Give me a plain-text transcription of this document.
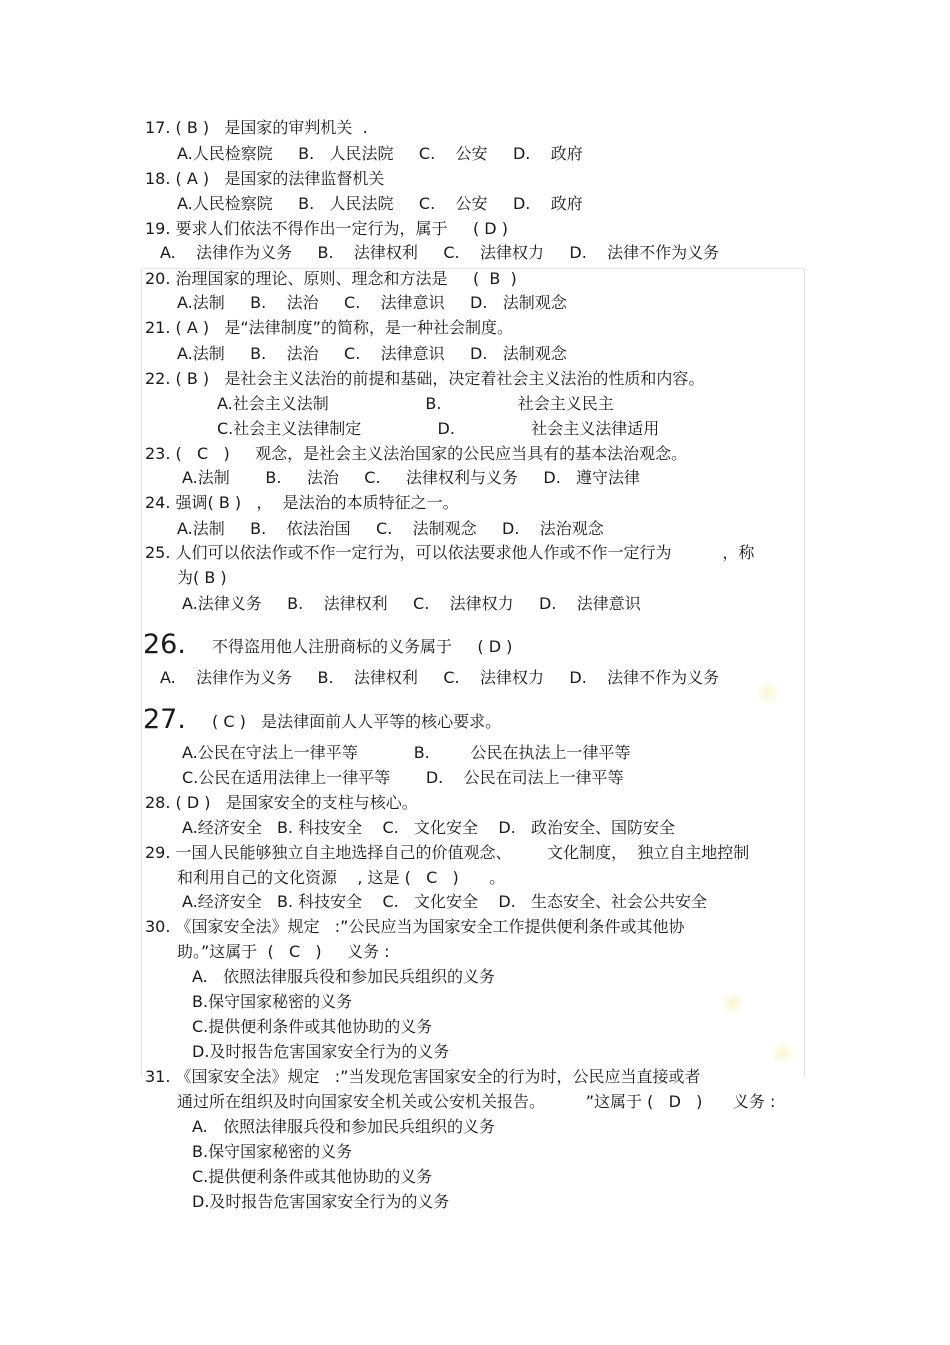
17. ( B )   是国家的审判机关  .
A.人民检察院     B.   人民法院     C.    公安     D.    政府
18. ( A )   是国家的法律监督机关
A.人民检察院     B.   人民法院     C.    公安     D.    政府
19. 要求人们依法不得作出一定行为，属于     ( D )
A.    法律作为义务     B.    法律权利     C.    法律权力     D.    法律不作为义务
20. 治理国家的理论、原则、理念和方法是     (  B  )
A.法制     B.    法治     C.    法律意识     D.   法制观念
21. ( A )   是“法律制度”的简称，是一种社会制度。
A.法制     B.    法治     C.    法律意识     D.   法制观念
22. ( B )   是社会主义法治的前提和基础，决定着社会主义法治的性质和内容。
A.社会主义法制                   B.               社会主义民主
C.社会主义法律制定               D.               社会主义法律适用
23. (   C   )     观念，是社会主义法治国家的公民应当具有的基本法治观念。
A.法制       B.     法治     C.     法律权利与义务     D.   遵守法律
24. 强调( B )   ，  是法治的本质特征之一。
A.法制     B.    依法治国     C.    法制观念     D.    法治观念
25. 人们可以依法作或不作一定行为，可以依法要求他人作或不作一定行为          ，称
为( B )
A.法律义务     B.    法律权利     C.    法律权力     D.    法律意识
26. 不得盗用他人注册商标的义务属于     ( D )
A.    法律作为义务     B.    法律权利     C.    法律权力     D.    法律不作为义务
27. ( C )   是法律面前人人平等的核心要求。
A.公民在守法上一律平等           B.        公民在执法上一律平等
C.公民在适用法律上一律平等       D.    公民在司法上一律平等
28. ( D )   是国家安全的支柱与核心。
A.经济安全   B. 科技安全    C.   文化安全    D.   政治安全、国防安全
29. 一国人民能够独立自主地选择自己的价值观念、       文化制度，  独立自主地控制
和利用自己的文化资源    , 这是 (   C   )      。
A.经济安全   B. 科技安全    C.   文化安全    D.   生态安全、社会公共安全
30. 《国家安全法》规定   :”公民应当为国家安全工作提供便利条件或其他协
助。”这属于  (   C   )     义务 :
A.   依照法律服兵役和参加民兵组织的义务
B.保守国家秘密的义务
C.提供便利条件或其他协助的义务
D.及时报告危害国家安全行为的义务
31. 《国家安全法》规定   :”当发现危害国家安全的行为时，公民应当直接或者
通过所在组织及时向国家安全机关或公安机关报告。        ”这属于 (   D   )      义务 :
A.   依照法律服兵役和参加民兵组织的义务
B.保守国家秘密的义务
C.提供便利条件或其他协助的义务
D.及时报告危害国家安全行为的义务
